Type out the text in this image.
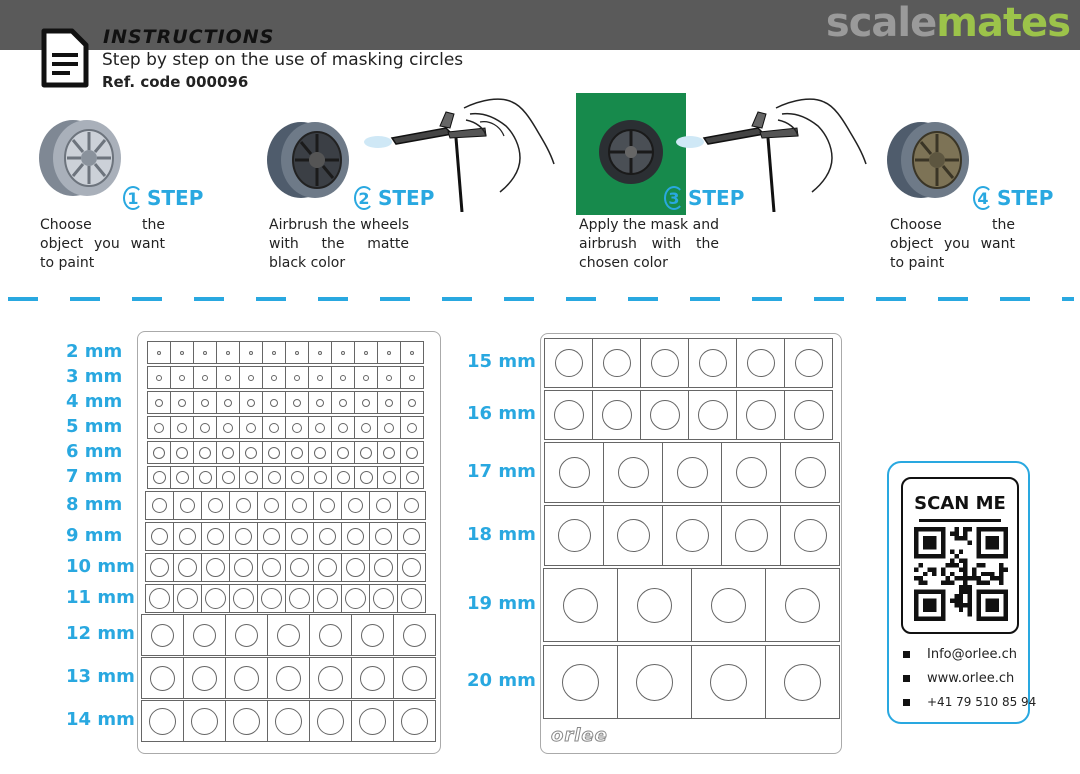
scalemates
INSTRUCTIONS
Step by step on the use of masking circles
Ref. code 000096
1 STEP	2 STEP	3 STEP	4 STEP
Choose the object you want to paint
Airbrush the wheels with the matte black color
Apply the mask and airbrush with the chosen color
Choose the object you want to paint
2 mm
3 mm
4 mm
5 mm
6 mm
7 mm
8 mm
9 mm
10 mm
11 mm
12 mm
13 mm
14 mm
15 mm
16 mm
17 mm
18 mm
19 mm
20 mm
orlee
SCAN ME
Info@orlee.ch
www.orlee.ch
+41 79 510 85 94
